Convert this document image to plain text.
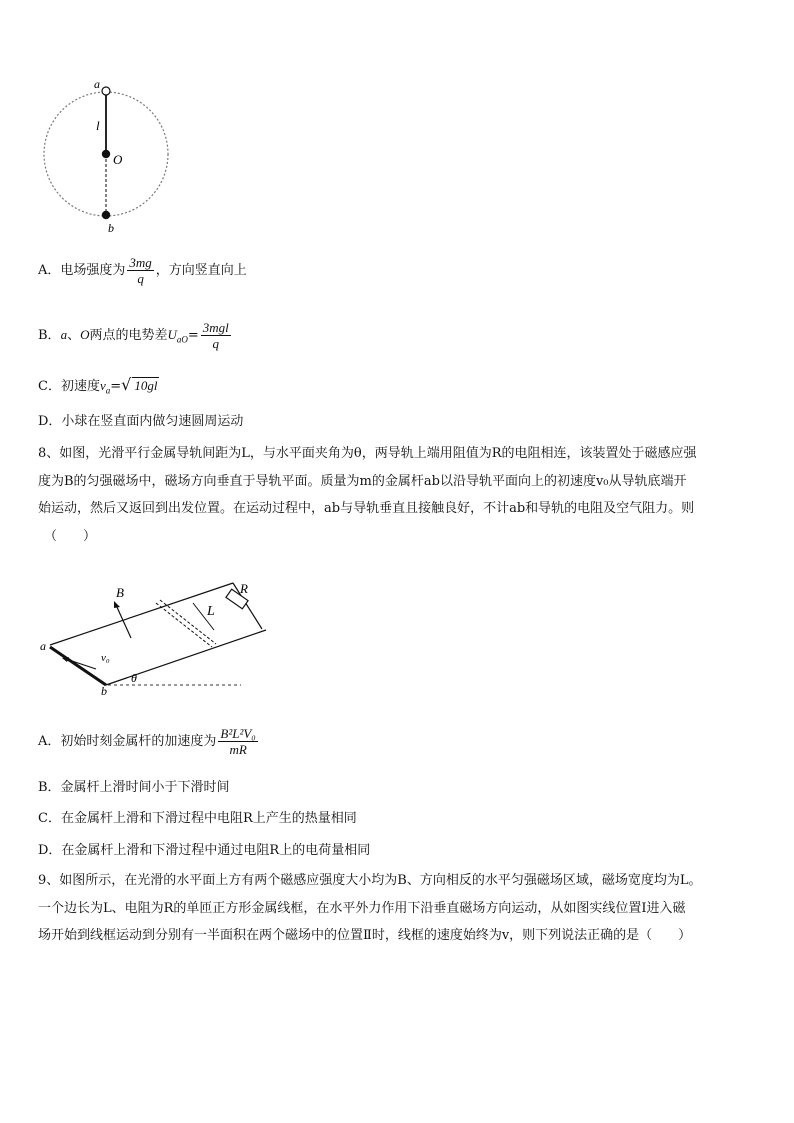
a
l
O
b
A．电场强度为 $\frac{3mg}{q}$ ，方向竖直向上
B．a、O两点的电势差$U_{aO}= \frac{\text{3mgl}}{q}$
C．初速度$v_a=√$ 10gl
D．小球在竖直面内做匀速圆周运动
8、如图，光滑平行金属导轨间距为L，与水平面夹角为θ，两导轨上端用阻值为R的电阻相连，该装置处于磁感应强
度为B的匀强磁场中，磁场方向垂直于导轨平面。质量为m的金属杆ab以沿导轨平面向上的初速度v₀从导轨底端开
始运动，然后又返回到出发位置。在运动过程中，ab与导轨垂直且接触良好，不计ab和导轨的电阻及空气阻力。则
（　　）
B	R
L
a
v₀
b
θ
A．初始时刻金属杆的加速度为 $\frac{\text{B²L²V₀}}{mR}$
B．金属杆上滑时间小于下滑时间
C．在金属杆上滑和下滑过程中电阻R上产生的热量相同
D．在金属杆上滑和下滑过程中通过电阻R上的电荷量相同
9、如图所示，在光滑的水平面上方有两个磁感应强度大小均为B、方向相反的水平匀强磁场区域，磁场宽度均为L。
一个边长为L、电阻为R的单匝正方形金属线框，在水平外力作用下沿垂直磁场方向运动，从如图实线位置Ⅰ进入磁
场开始到线框运动到分别有一半面积在两个磁场中的位置Ⅱ时，线框的速度始终为v，则下列说法正确的是（　　）
